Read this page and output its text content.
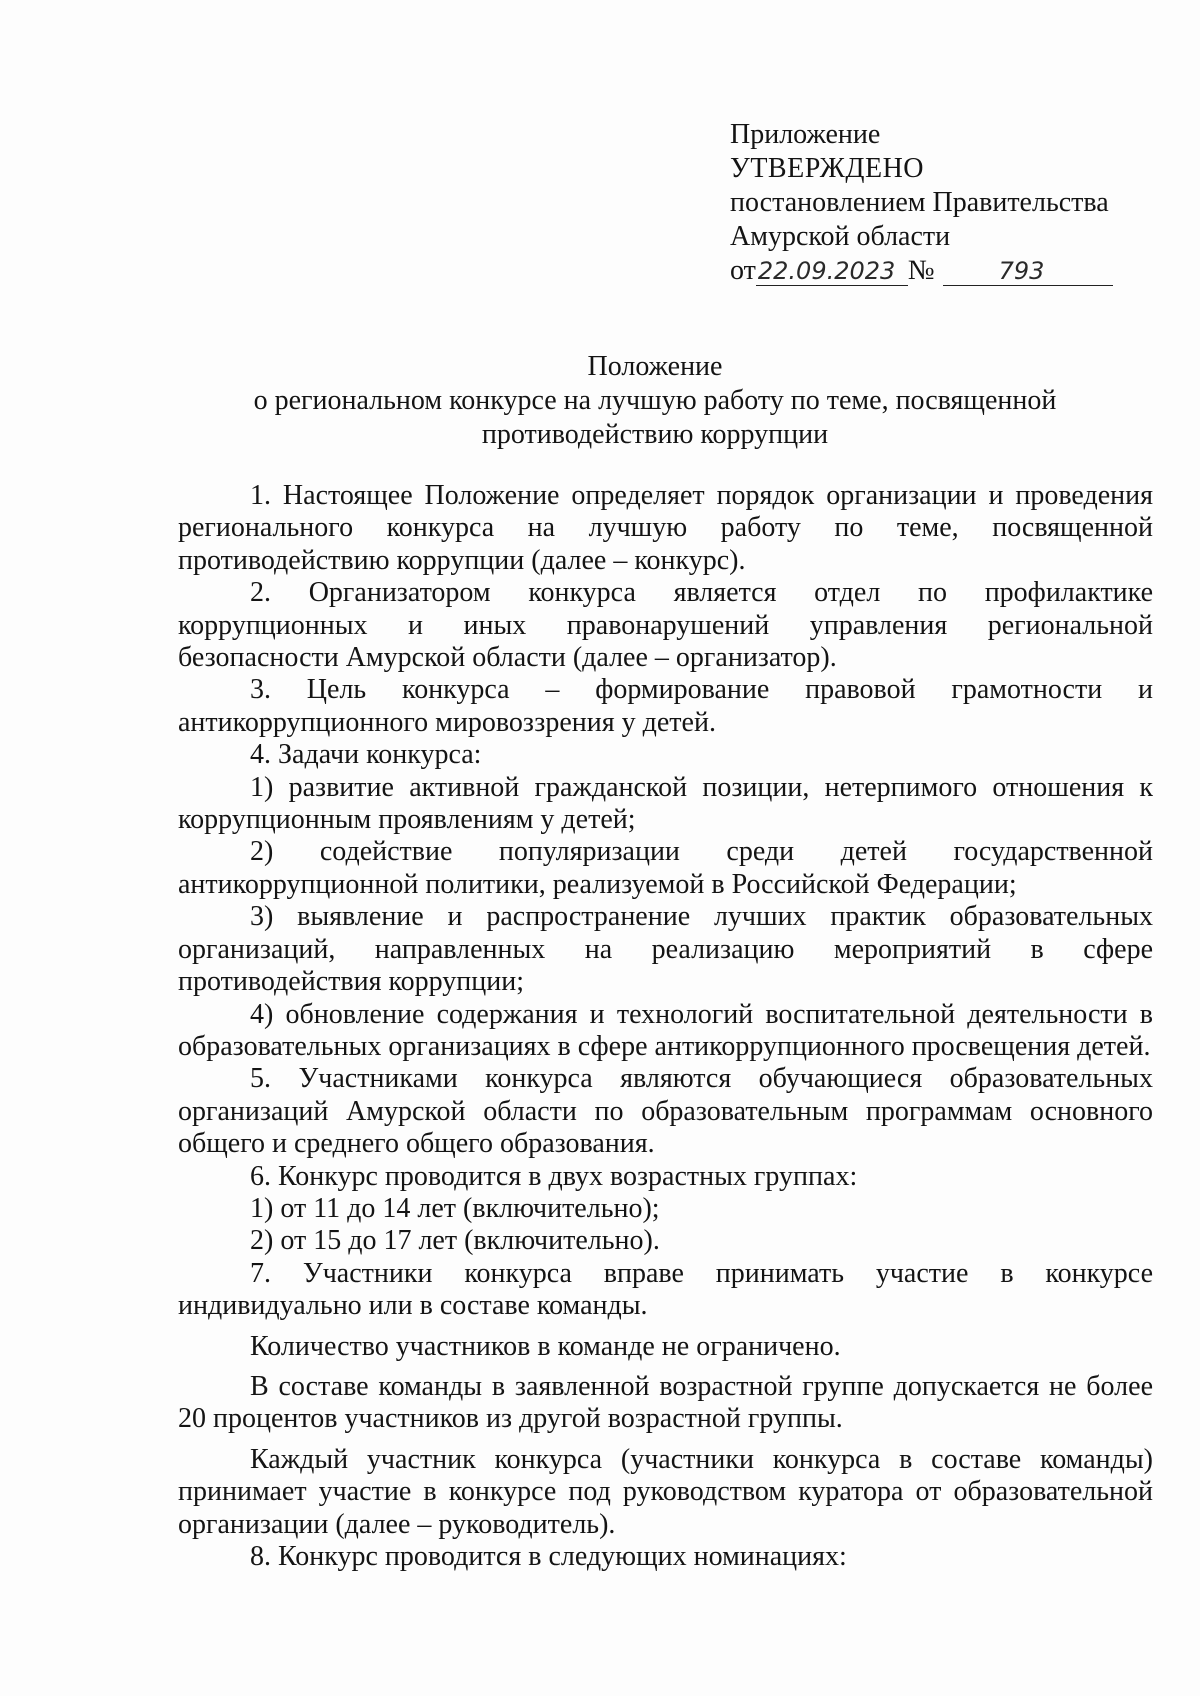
Приложение
УТВЕРЖДЕНО
постановлением Правительства
Амурской области
от22.09.2023 №	793
Положение
о региональном конкурсе на лучшую работу по теме, посвященной
противодействию коррупции

1. Настоящее Положение определяет порядок организации и проведения регионального конкурса на лучшую работу по теме, посвященной противодействию коррупции (далее – конкурс).

2. Организатором конкурса является отдел по профилактике коррупционных и иных правонарушений управления региональной безопасности Амурской области (далее – организатор).

3. Цель конкурса – формирование правовой грамотности и антикоррупционного мировоззрения у детей.

4. Задачи конкурса:

1) развитие активной гражданской позиции, нетерпимого отношения к коррупционным проявлениям у детей;

2) содействие популяризации среди детей государственной антикоррупционной политики, реализуемой в Российской Федерации;

3) выявление и распространение лучших практик образовательных организаций, направленных на реализацию мероприятий в сфере противодействия коррупции;

4) обновление содержания и технологий воспитательной деятельности в образовательных организациях в сфере антикоррупционного просвещения детей.

5. Участниками конкурса являются обучающиеся образовательных организаций Амурской области по образовательным программам основного общего и среднего общего образования.

6. Конкурс проводится в двух возрастных группах:

1) от 11 до 14 лет (включительно);

2) от 15 до 17 лет (включительно).

7. Участники конкурса вправе принимать участие в конкурсе индивидуально или в составе команды.

Количество участников в команде не ограничено.

В составе команды в заявленной возрастной группе допускается не более 20 процентов участников из другой возрастной группы.

Каждый участник конкурса (участники конкурса в составе команды) принимает участие в конкурсе под руководством куратора от образовательной организации (далее – руководитель).

8. Конкурс проводится в следующих номинациях:
